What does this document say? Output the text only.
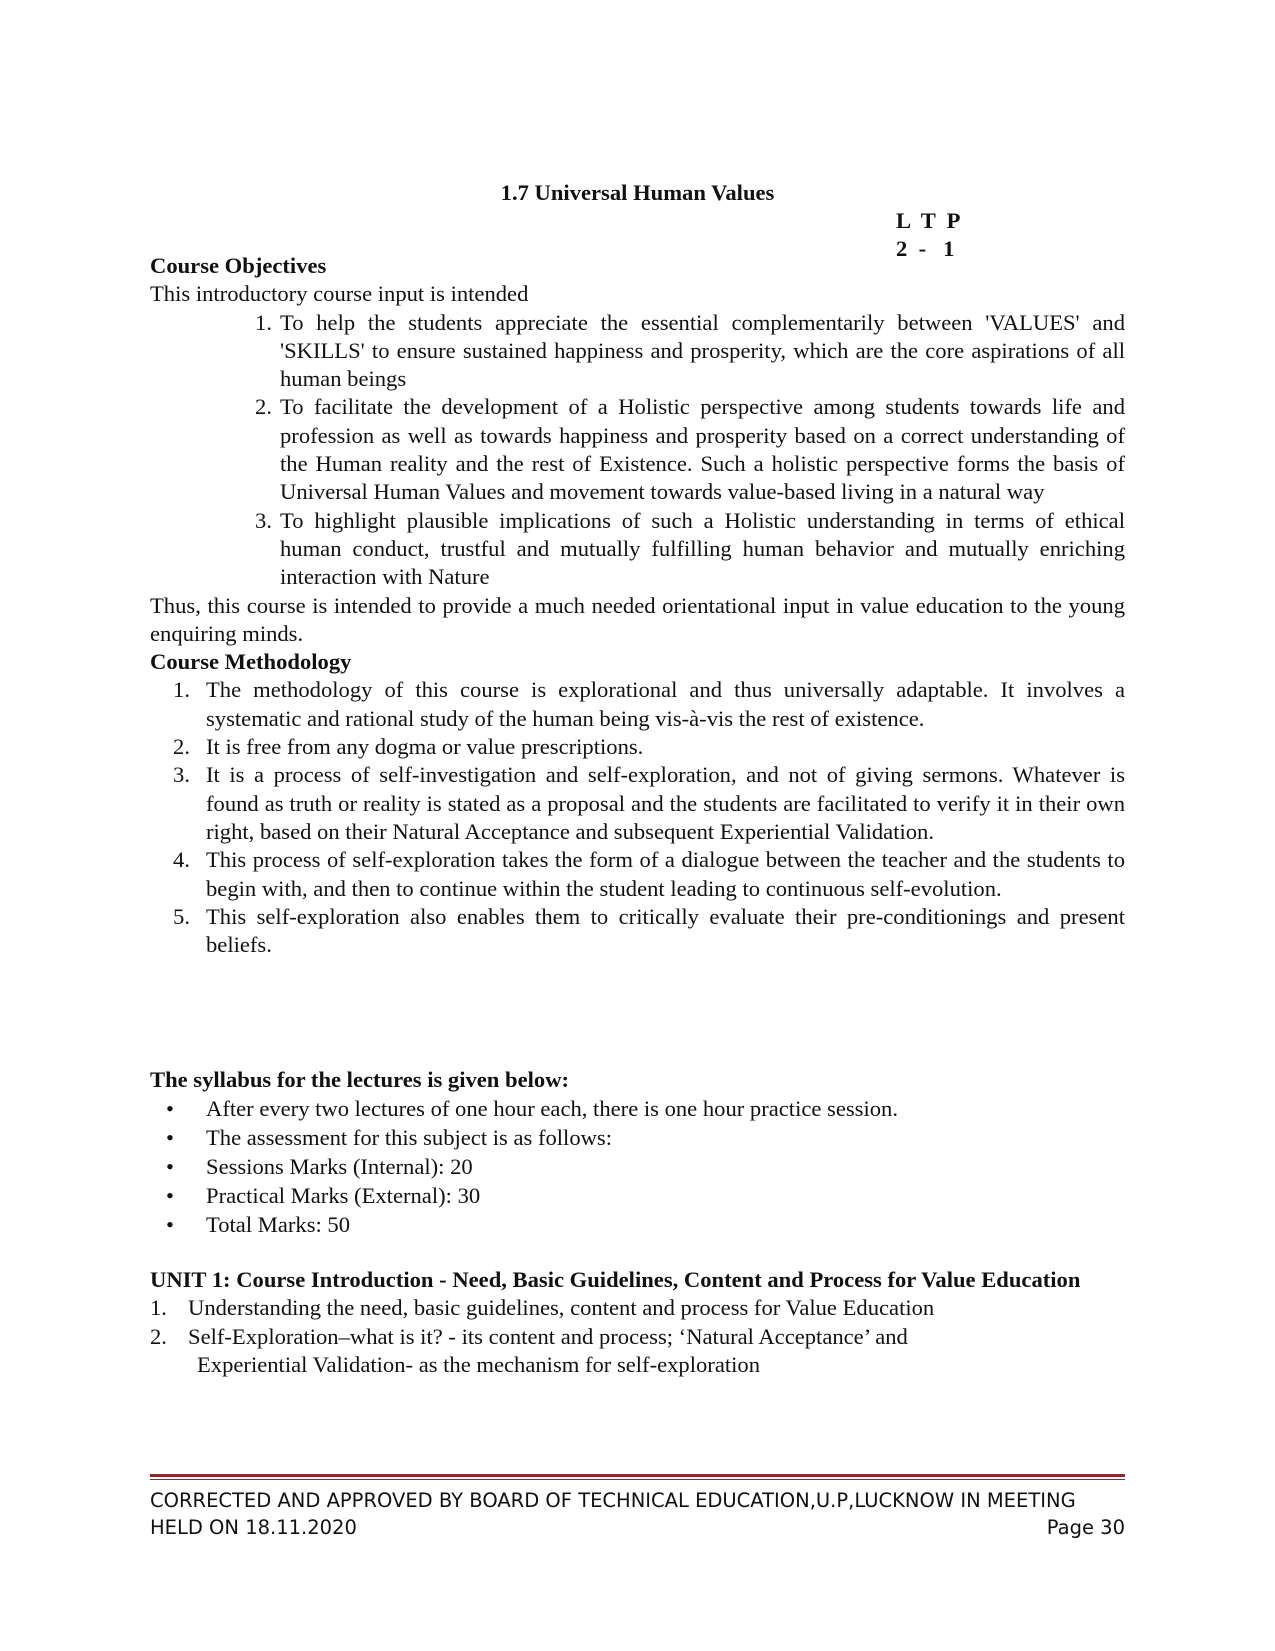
1.7 Universal Human Values
L  T  P
2  -   1
Course Objectives
This introductory course input is intended
1. To help the students appreciate the essential complementarily between 'VALUES' and 'SKILLS' to ensure sustained happiness and prosperity, which are the core aspirations of all human beings
2. To facilitate the development of a Holistic perspective among students towards life and profession as well as towards happiness and prosperity based on a correct understanding of the Human reality and the rest of Existence. Such a holistic perspective forms the basis of Universal Human Values and movement towards value-based living in a natural way
3. To highlight plausible implications of such a Holistic understanding in terms of ethical human conduct, trustful and mutually fulfilling human behavior and mutually enriching interaction with Nature
Thus, this course is intended to provide a much needed orientational input in value education to the young enquiring minds.
Course Methodology
1. The methodology of this course is explorational and thus universally adaptable. It involves a systematic and rational study of the human being vis-à-vis the rest of existence.
2. It is free from any dogma or value prescriptions.
3. It is a process of self-investigation and self-exploration, and not of giving sermons. Whatever is found as truth or reality is stated as a proposal and the students are facilitated to verify it in their own right, based on their Natural Acceptance and subsequent Experiential Validation.
4. This process of self-exploration takes the form of a dialogue between the teacher and the students to begin with, and then to continue within the student leading to continuous self-evolution.
5. This self-exploration also enables them to critically evaluate their pre-conditionings and present beliefs.
The syllabus for the lectures is given below:
•	After every two lectures of one hour each, there is one hour practice session.
•	The assessment for this subject is as follows:
•	Sessions Marks (Internal): 20
•	Practical Marks (External): 30
•	Total Marks: 50
UNIT 1: Course Introduction - Need, Basic Guidelines, Content and Process for Value Education
1. Understanding the need, basic guidelines, content and process for Value Education
2. Self-Exploration–what is it? - its content and process; ‘Natural Acceptance’ and
Experiential Validation- as the mechanism for self-exploration
CORRECTED AND APPROVED BY BOARD OF TECHNICAL EDUCATION,U.P,LUCKNOW IN MEETING
HELD ON 18.11.2020	Page 30
